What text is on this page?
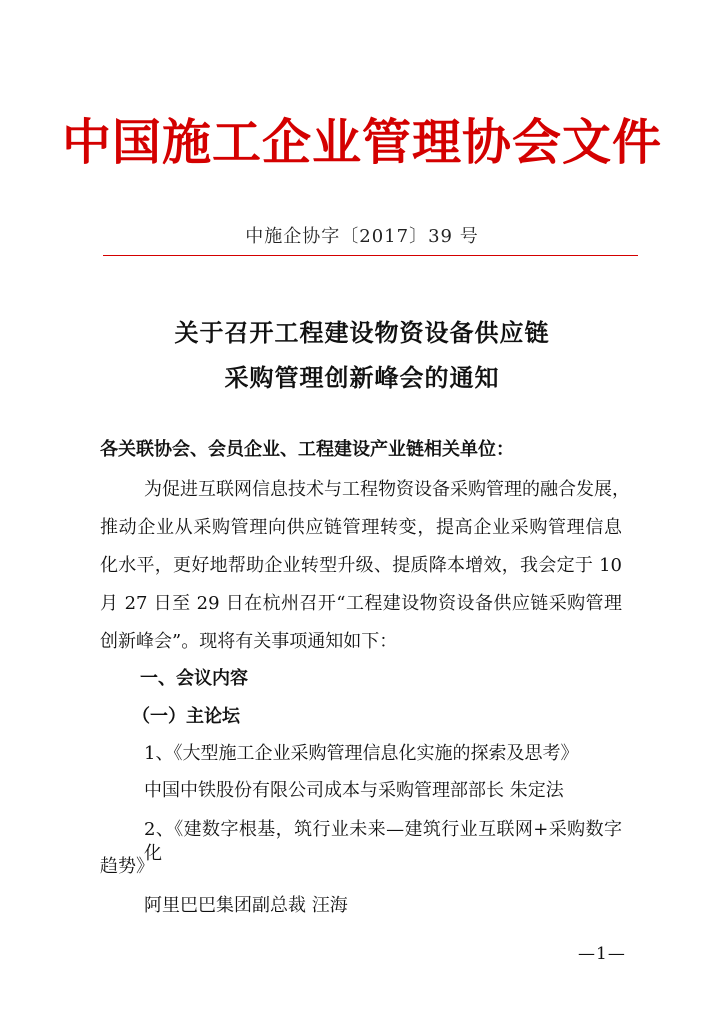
中国施工企业管理协会文件
中施企协字〔2017〕39 号
关于召开工程建设物资设备供应链
采购管理创新峰会的通知
各关联协会、会员企业、工程建设产业链相关单位：
为促进互联网信息技术与工程物资设备采购管理的融合发展，
推动企业从采购管理向供应链管理转变，提高企业采购管理信息
化水平，更好地帮助企业转型升级、提质降本增效，我会定于 10
月 27 日至 29 日在杭州召开“工程建设物资设备供应链采购管理
创新峰会”。现将有关事项通知如下：
一、会议内容
（一）主论坛
1、《大型施工企业采购管理信息化实施的探索及思考》
中国中铁股份有限公司成本与采购管理部部长 朱定法
2、《建数字根基，筑行业未来—建筑行业互联网+采购数字化
趋势》
阿里巴巴集团副总裁 汪海
—1—
